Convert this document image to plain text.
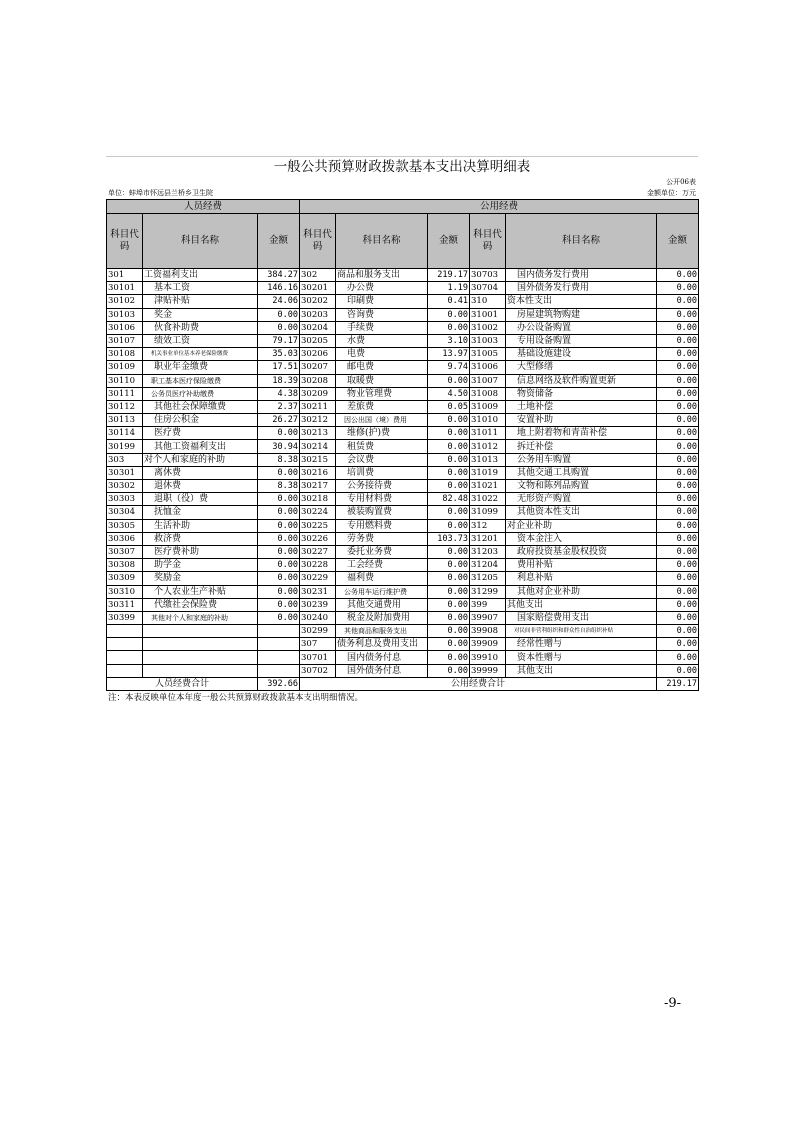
一般公共预算财政拨款基本支出决算明细表
公开06表
单位：蚌埠市怀远县兰桥乡卫生院	金额单位：万元
人员经费			公用经费					
科目代码	科目名称	金额	科目代码	科目名称	金额	科目代码	科目名称	金额
301	工资福利支出	384.27	302	商品和服务支出	219.17	30703	国内债务发行费用	0.00
30101	基本工资	146.16	30201	办公费	1.19	30704	国外债务发行费用	0.00
30102	津贴补贴	24.06	30202	印刷费	0.41	310	资本性支出	0.00
30103	奖金	0.00	30203	咨询费	0.00	31001	房屋建筑物购建	0.00
30106	伙食补助费	0.00	30204	手续费	0.00	31002	办公设备购置	0.00
30107	绩效工资	79.17	30205	水费	3.10	31003	专用设备购置	0.00
30108	机关事业单位基本养老保险缴费	35.03	30206	电费	13.97	31005	基础设施建设	0.00
30109	职业年金缴费	17.51	30207	邮电费	9.74	31006	大型修缮	0.00
30110	职工基本医疗保险缴费	18.39	30208	取暖费	0.00	31007	信息网络及软件购置更新	0.00
30111	公务员医疗补助缴费	4.38	30209	物业管理费	4.50	31008	物资储备	0.00
30112	其他社会保障缴费	2.37	30211	差旅费	0.05	31009	土地补偿	0.00
30113	住房公积金	26.27	30212	因公出国（境）费用	0.00	31010	安置补助	0.00
30114	医疗费	0.00	30213	维修(护)费	0.00	31011	地上附着物和青苗补偿	0.00
30199	其他工资福利支出	30.94	30214	租赁费	0.00	31012	拆迁补偿	0.00
303	对个人和家庭的补助	8.38	30215	会议费	0.00	31013	公务用车购置	0.00
30301	离休费	0.00	30216	培训费	0.00	31019	其他交通工具购置	0.00
30302	退休费	8.38	30217	公务接待费	0.00	31021	文物和陈列品购置	0.00
30303	退职（役）费	0.00	30218	专用材料费	82.48	31022	无形资产购置	0.00
30304	抚恤金	0.00	30224	被装购置费	0.00	31099	其他资本性支出	0.00
30305	生活补助	0.00	30225	专用燃料费	0.00	312	对企业补助	0.00
30306	救济费	0.00	30226	劳务费	103.73	31201	资本金注入	0.00
30307	医疗费补助	0.00	30227	委托业务费	0.00	31203	政府投资基金股权投资	0.00
30308	助学金	0.00	30228	工会经费	0.00	31204	费用补贴	0.00
30309	奖励金	0.00	30229	福利费	0.00	31205	利息补贴	0.00
30310	个人农业生产补贴	0.00	30231	公务用车运行维护费	0.00	31299	其他对企业补助	0.00
30311	代缴社会保险费	0.00	30239	其他交通费用	0.00	399	其他支出	0.00
30399	其他对个人和家庭的补助	0.00	30240	税金及附加费用	0.00	39907	国家赔偿费用支出	0.00
			30299	其他商品和服务支出	0.00	39908	对民间非营利组织和群众性自治组织补贴	0.00
			307	债务利息及费用支出	0.00	39909	经常性赠与	0.00
			30701	国内债务付息	0.00	39910	资本性赠与	0.00
			30702	国外债务付息	0.00	39999	其他支出	0.00
人员经费合计		392.66	公用经费合计					219.17
注：本表反映单位本年度一般公共预算财政拨款基本支出明细情况。
-9-
